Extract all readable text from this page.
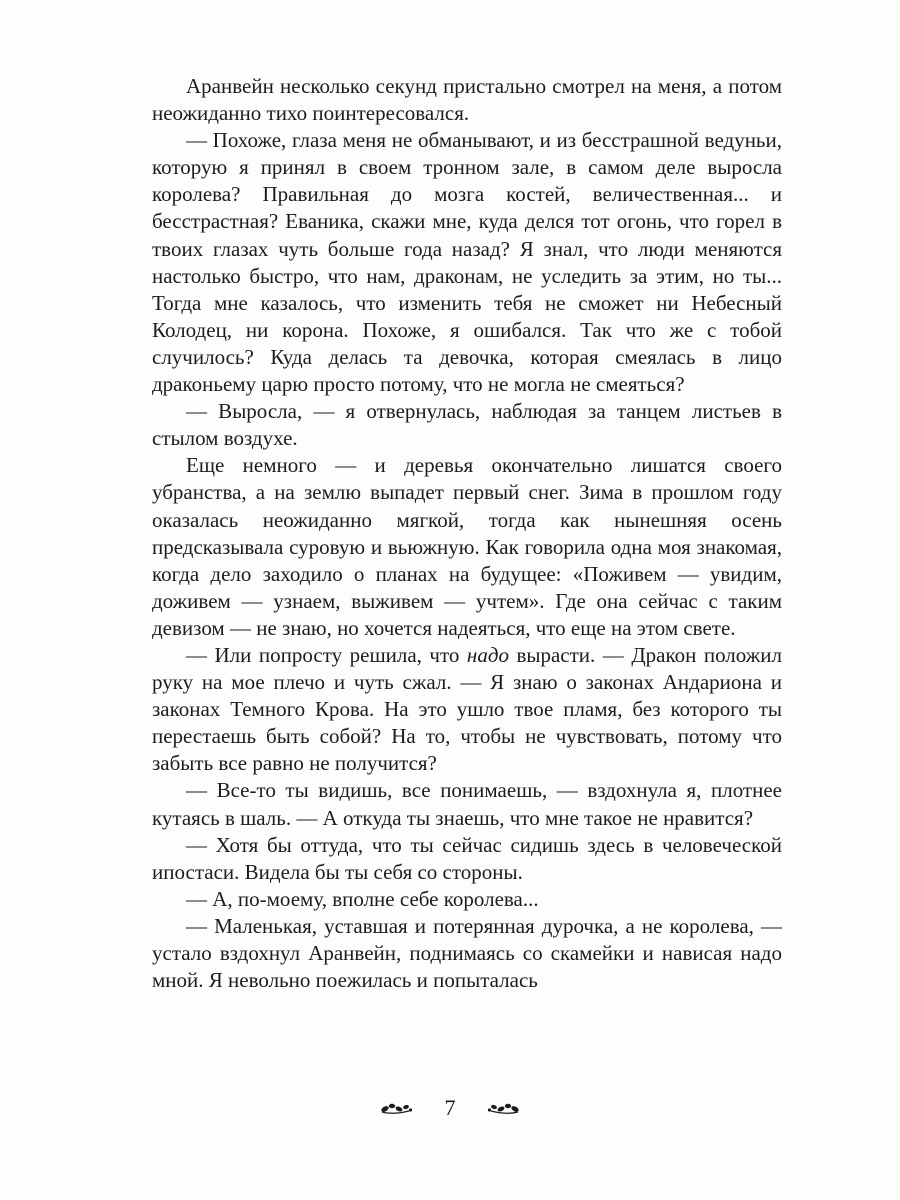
Аранвейн несколько секунд пристально смотрел на меня, а потом неожиданно тихо поинтересовался.

— Похоже, глаза меня не обманывают, и из бесстрашной ведуньи, которую я принял в своем тронном зале, в самом деле выросла королева? Правильная до мозга костей, величественная... и бесстрастная? Еваника, скажи мне, куда делся тот огонь, что горел в твоих глазах чуть больше года назад? Я знал, что люди меняются настолько быстро, что нам, драконам, не уследить за этим, но ты... Тогда мне казалось, что изменить тебя не сможет ни Небесный Колодец, ни корона. Похоже, я ошибался. Так что же с тобой случилось? Куда делась та девочка, которая смеялась в лицо драконьему царю просто потому, что не могла не смеяться?

— Выросла, — я отвернулась, наблюдая за танцем листьев в стылом воздухе.

Еще немного — и деревья окончательно лишатся своего убранства, а на землю выпадет первый снег. Зима в прошлом году оказалась неожиданно мягкой, тогда как нынешняя осень предсказывала суровую и вьюжную. Как говорила одна моя знакомая, когда дело заходило о планах на будущее: «Поживем — увидим, доживем — узнаем, выживем — учтем». Где она сейчас с таким девизом — не знаю, но хочется надеяться, что еще на этом свете.

— Или попросту решила, что надо вырасти. — Дракон положил руку на мое плечо и чуть сжал. — Я знаю о законах Андариона и законах Темного Крова. На это ушло твое пламя, без которого ты перестаешь быть собой? На то, чтобы не чувствовать, потому что забыть все равно не получится?

— Все-то ты видишь, все понимаешь, — вздохнула я, плотнее кутаясь в шаль. — А откуда ты знаешь, что мне такое не нравится?

— Хотя бы оттуда, что ты сейчас сидишь здесь в человеческой ипостаси. Видела бы ты себя со стороны.

— А, по-моему, вполне себе королева...

— Маленькая, уставшая и потерянная дурочка, а не королева, — устало вздохнул Аранвейн, поднимаясь со скамейки и нависая надо мной. Я невольно поежилась и попыталась

7
